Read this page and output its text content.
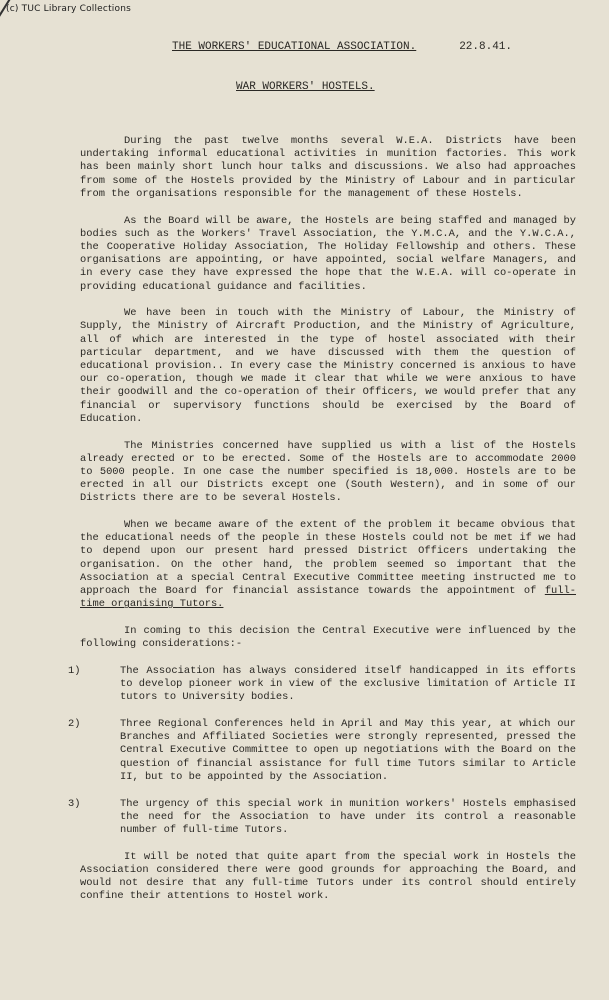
(c) TUC Library Collections
THE WORKERS' EDUCATIONAL ASSOCIATION.	22.8.41.
WAR WORKERS' HOSTELS.

During the past twelve months several W.E.A. Districts have been undertaking informal educational activities in munition factories. This work has been mainly short lunch hour talks and discussions. We also had approaches from some of the Hostels provided by the Ministry of Labour and in particular from the organisations responsible for the management of these Hostels.

As the Board will be aware, the Hostels are being staffed and managed by bodies such as the Workers' Travel Association, the Y.M.C.A, and the Y.W.C.A., the Cooperative Holiday Association, The Holiday Fellowship and others. These organisations are appointing, or have appointed, social welfare Managers, and in every case they have expressed the hope that the W.E.A. will co-operate in providing educational guidance and facilities.

We have been in touch with the Ministry of Labour, the Ministry of Supply, the Ministry of Aircraft Production, and the Ministry of Agriculture, all of which are interested in the type of hostel associated with their particular department, and we have discussed with them the question of educational provision.. In every case the Ministry concerned is anxious to have our co-operation, though we made it clear that while we were anxious to have their goodwill and the co-operation of their Officers, we would prefer that any financial or supervisory functions should be exercised by the Board of Education.

The Ministries concerned have supplied us with a list of the Hostels already erected or to be erected. Some of the Hostels are to accommodate 2000 to 5000 people. In one case the number specified is 18,000. Hostels are to be erected in all our Districts except one (South Western), and in some of our Districts there are to be several Hostels.

When we became aware of the extent of the problem it became obvious that the educational needs of the people in these Hostels could not be met if we had to depend upon our present hard pressed District Officers undertaking the organisation. On the other hand, the problem seemed so important that the Association at a special Central Executive Committee meeting instructed me to approach the Board for financial assistance towards the appointment of full-time organising Tutors.

In coming to this decision the Central Executive were influenced by the following considerations:-

1)	The Association has always considered itself handicapped in its efforts to develop pioneer work in view of the exclusive limitation of Article II tutors to University bodies.
2)	Three Regional Conferences held in April and May this year, at which our Branches and Affiliated Societies were strongly represented, pressed the Central Executive Committee to open up negotiations with the Board on the question of financial assistance for full time Tutors similar to Article II, but to be appointed by the Association.
3)	The urgency of this special work in munition workers' Hostels emphasised the need for the Association to have under its control a reasonable number of full-time Tutors.

It will be noted that quite apart from the special work in Hostels the Association considered there were good grounds for approaching the Board, and would not desire that any full-time Tutors under its control should entirely confine their attentions to Hostel work.
